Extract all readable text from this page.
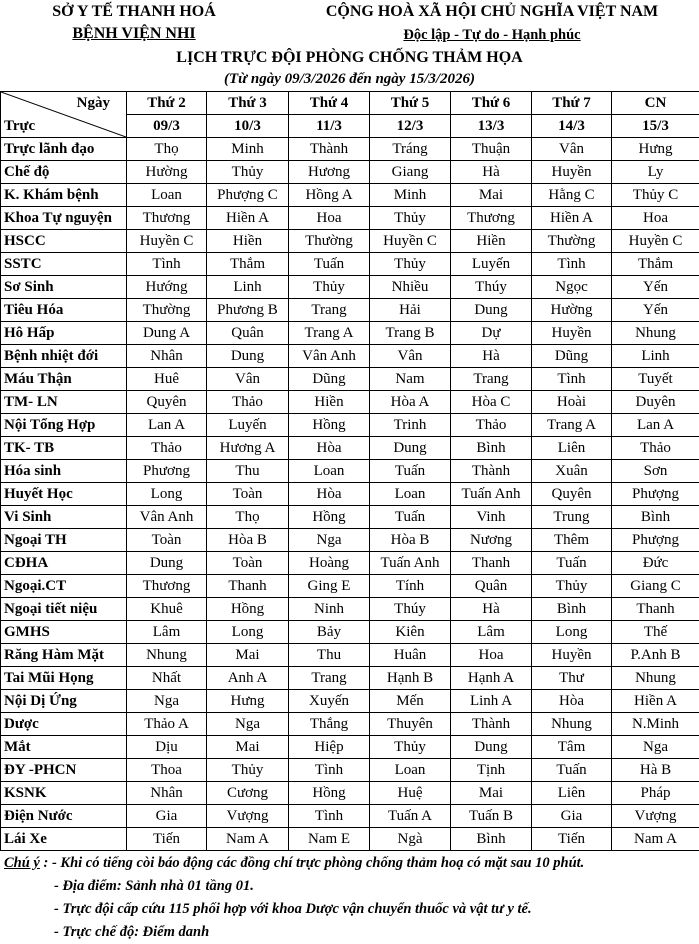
SỞ Y TẾ THANH HOÁ
BỆNH VIỆN NHI
CỘNG HOÀ XÃ HỘI CHỦ NGHĨA VIỆT NAM
Độc lập - Tự do - Hạnh phúc
LỊCH TRỰC ĐỘI PHÒNG CHỐNG THẢM HỌA
(Từ ngày 09/3/2026 đến ngày 15/3/2026)
Ngày
Trực	Thứ 2	Thứ 3	Thứ 4	Thứ 5	Thứ 6	Thứ 7	CN
	09/3	10/3	11/3	12/3	13/3	14/3	15/3
Trực lãnh đạo	Thọ	Minh	Thành	Tráng	Thuận	Vân	Hưng
Chế độ	Hường	Thủy	Hương	Giang	Hà	Huyền	Ly
K. Khám bệnh	Loan	Phượng C	Hồng A	Minh	Mai	Hằng C	Thủy C
Khoa Tự nguyện	Thương	Hiền A	Hoa	Thủy	Thương	Hiền A	Hoa
HSCC	Huyền C	Hiền	Thường	Huyền C	Hiền	Thường	Huyền C
SSTC	Tình	Thắm	Tuấn	Thủy	Luyến	Tình	Thắm
Sơ Sinh	Hướng	Linh	Thủy	Nhiều	Thúy	Ngọc	Yến
Tiêu Hóa	Thường	Phương B	Trang	Hải	Dung	Hường	Yến
Hô Hấp	Dung A	Quân	Trang A	Trang B	Dự	Huyền	Nhung
Bệnh nhiệt đới	Nhân	Dung	Vân Anh	Vân	Hà	Dũng	Linh
Máu Thận	Huê	Vân	Dũng	Nam	Trang	Tình	Tuyết
TM- LN	Quyên	Thảo	Hiền	Hòa A	Hòa C	Hoài	Duyên
Nội Tổng Hợp	Lan A	Luyến	Hồng	Trinh	Thảo	Trang A	Lan A
TK- TB	Thảo	Hương A	Hòa	Dung	Bình	Liên	Thảo
Hóa sinh	Phương	Thu	Loan	Tuấn	Thành	Xuân	Sơn
Huyết Học	Long	Toàn	Hòa	Loan	Tuấn Anh	Quyên	Phượng
Vi Sinh	Vân Anh	Thọ	Hồng	Tuấn	Vinh	Trung	Bình
Ngoại TH	Toàn	Hòa B	Nga	Hòa B	Nương	Thêm	Phượng
CĐHA	Dung	Toàn	Hoàng	Tuấn Anh	Thanh	Tuấn	Đức
Ngoại.CT	Thương	Thanh	Ging E	Tính	Quân	Thủy	Giang C
Ngoại tiết niệu	Khuê	Hồng	Ninh	Thúy	Hà	Bình	Thanh
GMHS	Lâm	Long	Bảy	Kiên	Lâm	Long	Thế
Răng Hàm Mặt	Nhung	Mai	Thu	Huân	Hoa	Huyền	P.Anh B
Tai Mũi Họng	Nhất	Anh A	Trang	Hạnh B	Hạnh A	Thư	Nhung
Nội Dị Ứng	Nga	Hưng	Xuyến	Mến	Linh A	Hòa	Hiền A
Dược	Thảo A	Nga	Thắng	Thuyên	Thành	Nhung	N.Minh
Mắt	Dịu	Mai	Hiệp	Thủy	Dung	Tâm	Nga
ĐY -PHCN	Thoa	Thủy	Tình	Loan	Tịnh	Tuấn	Hà B
KSNK	Nhân	Cương	Hồng	Huệ	Mai	Liên	Pháp
Điện Nước	Gia	Vượng	Tình	Tuấn A	Tuấn B	Gia	Vượng
Lái Xe	Tiến	Nam A	Nam E	Ngà	Bình	Tiến	Nam A
Chú ý : - Khi có tiếng còi báo động các đồng chí trực phòng chống thảm hoạ có mặt sau 10 phút.
- Địa điểm: Sảnh nhà 01 tầng 01.
- Trực đội cấp cứu 115 phối hợp với khoa Dược vận chuyển thuốc và vật tư y tế.
- Trực chế độ: Điểm danh
